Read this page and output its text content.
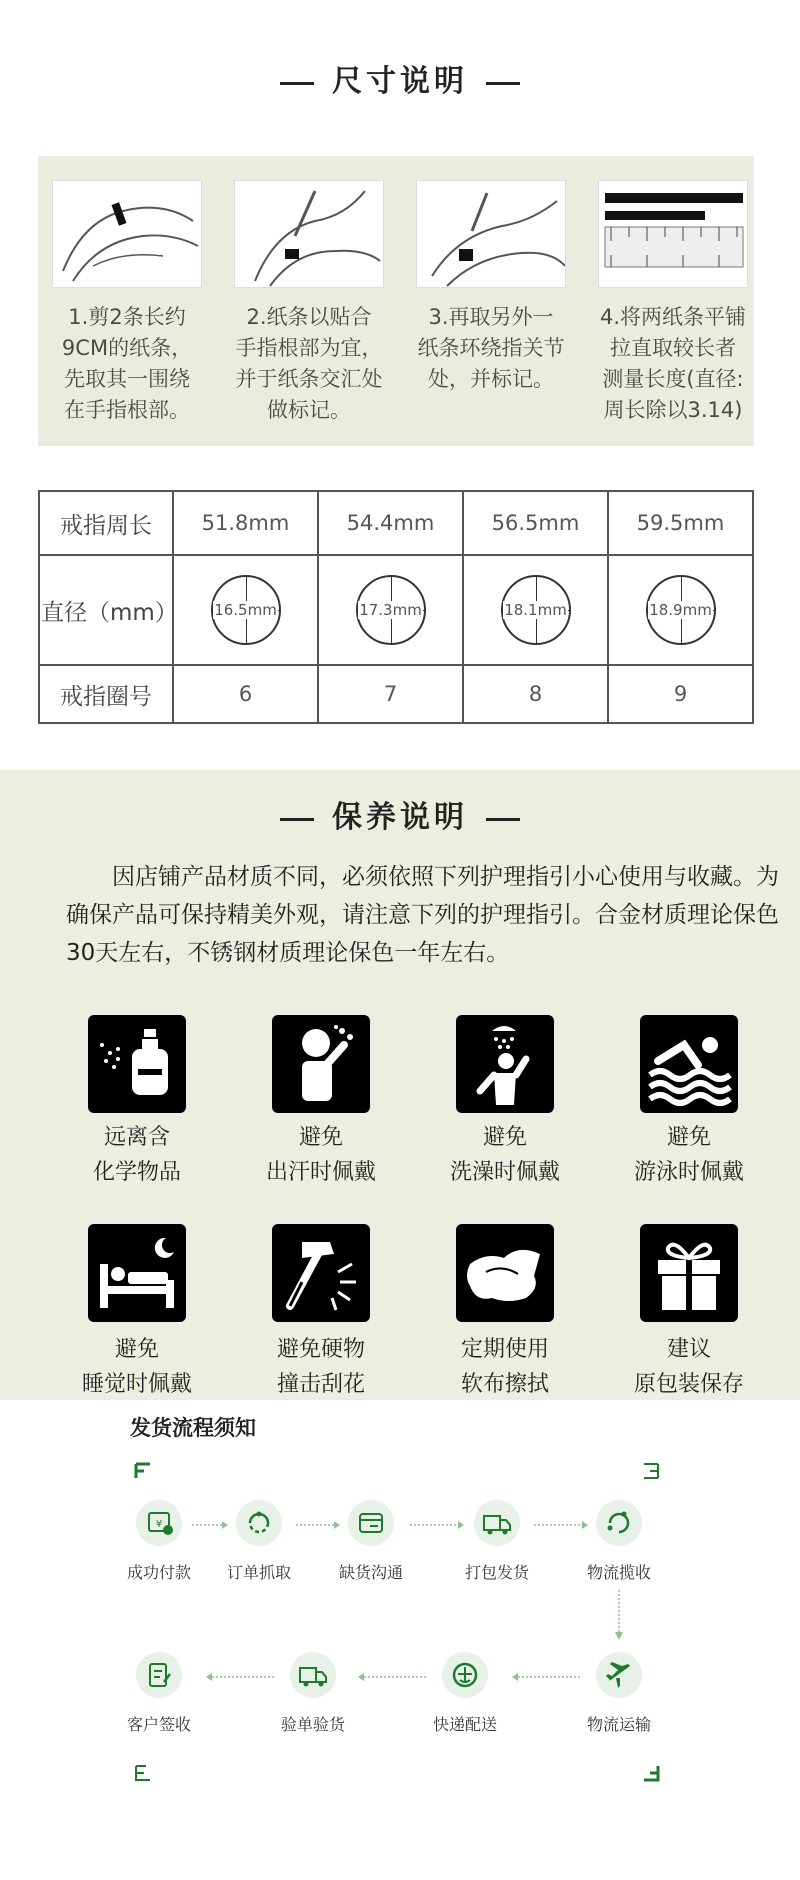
尺寸说明
1.剪2条长约
9CM的纸条，
先取其一围绕
在手指根部。
2.纸条以贴合
手指根部为宜，
并于纸条交汇处
做标记。
3.再取另外一
纸条环绕指关节
处，并标记。
4.将两纸条平铺
拉直取较长者
测量长度(直径:
周长除以3.14)
戒指周长	51.8mm	54.4mm	56.5mm	59.5mm
直径（mm）	16.5mm	17.3mm	18.1mm	18.9mm

戒指圈号	6	7	8	9
保养说明
因店铺产品材质不同，必须依照下列护理指引小心使用与收藏。为确保产品可保持精美外观，请注意下列的护理指引。合金材质理论保色30天左右，不锈钢材质理论保色一年左右。
远离含
化学物品
避免
出汗时佩戴
避免
洗澡时佩戴
避免
游泳时佩戴
避免
睡觉时佩戴
避免硬物
撞击刮花
定期使用
软布擦拭
建议
原包装保存
发货流程须知
¥
成功付款	订单抓取	缺货沟通	打包发货	物流揽收
客户签收	验单验货	快递配送	物流运输
